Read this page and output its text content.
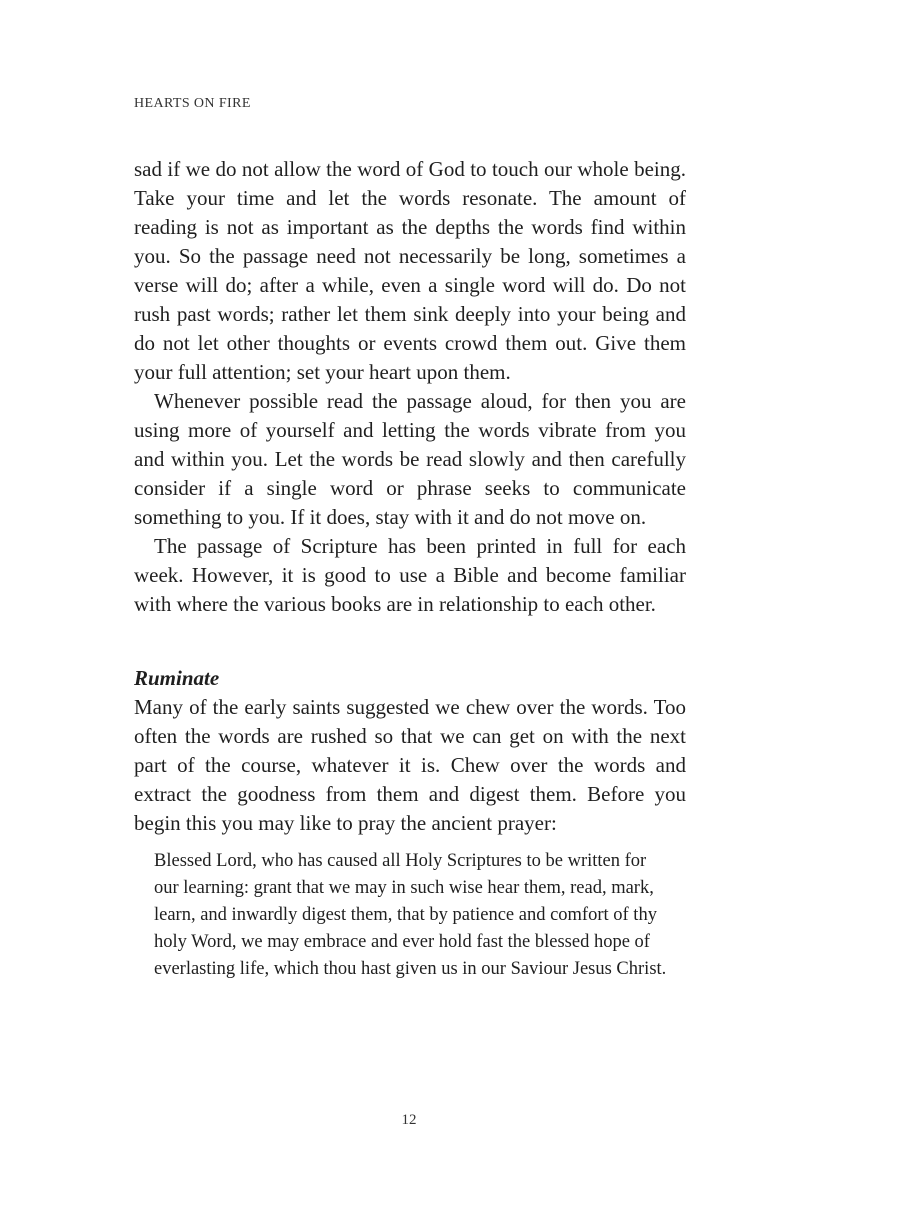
HEARTS ON FIRE

sad if we do not allow the word of God to touch our whole being. Take your time and let the words resonate. The amount of reading is not as important as the depths the words find within you. So the passage need not necessarily be long, sometimes a verse will do; after a while, even a single word will do. Do not rush past words; rather let them sink deeply into your being and do not let other thoughts or events crowd them out. Give them your full attention; set your heart upon them.

Whenever possible read the passage aloud, for then you are using more of yourself and letting the words vibrate from you and within you. Let the words be read slowly and then carefully consider if a single word or phrase seeks to communicate something to you. If it does, stay with it and do not move on.

The passage of Scripture has been printed in full for each week. However, it is good to use a Bible and become familiar with where the various books are in relationship to each other.

Ruminate

Many of the early saints suggested we chew over the words. Too often the words are rushed so that we can get on with the next part of the course, whatever it is. Chew over the words and extract the goodness from them and digest them. Before you begin this you may like to pray the ancient prayer:

Blessed Lord, who has caused all Holy Scriptures to be written for our learning: grant that we may in such wise hear them, read, mark, learn, and inwardly digest them, that by patience and comfort of thy holy Word, we may embrace and ever hold fast the blessed hope of everlasting life, which thou hast given us in our Saviour Jesus Christ.

12
